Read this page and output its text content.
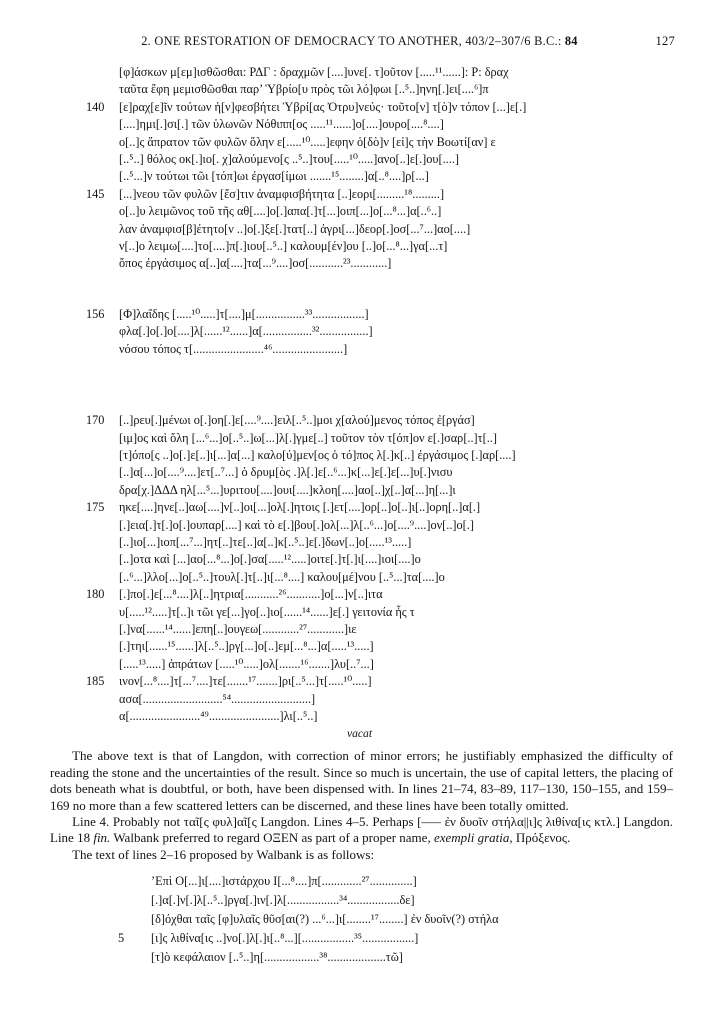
2. ONE RESTORATION OF DEMOCRACY TO ANOTHER, 403/2–307/6 B.C.: 84	127
[φ]άσκων μ[εμ]ισθῶσθαι: ΡΔΓ : δραχμῶν [....]υνε[. τ]οῦτον [.....¹¹......]: Ρ: δραχ
ταῦτα ἔφη μεμισθῶσθαι παρ’ Ὑβρίο[υ πρὸς τῶι λό]φωι [..⁵..]ηνη[.]ει[....⁶]π
140	[ε]ραχ[ε]ῖν τούτων ἠ[ν]φεσβήτει Ὑβρί[ας Ὀτρυ]νεύς· τοῦτο[ν] τ[ὸ]ν τόπον [...]ε[.]
[....]ημι[.]σι[.] τῶν ὑλωνῶν Νόθιππ[ος .....¹¹......]ο[....]ουρο[....⁸....]
ο[..]ς ἄπρατον τῶν φυλῶν ὅλην ε[.....¹⁰.....]εφην ὁ[δὸ]ν [εἰ]ς τὴν Βοωτί[αν] ε
[..⁵..] θόλος οκ[.]ιο[. χ]αλούμενο[ς ..⁵..]του[.....¹⁰.....]ανο[..]ε[.]ου[....]
[..⁵...]ν τούτωι τῶι [τόπ]ωι ἐργασ[ίμωι .......¹⁵........]α[..⁸....]ρ[...]
145	[...]νεου τῶν φυλῶν [ἔσ]τιν ἀναμφισβήτητα [..]εορι[.........¹⁸.........]
ο[..]υ λειμῶνος τοῦ τῆς αθ[....]ο[.]απα[.]τ[...]οιπ[...]ο[...⁸...]α[..⁶..]
λαν ἀναμφισ[β]έτητο[ν ..]ο[.]ξε[.]τατ[..] ἀγρι[...]δεορ[.]οσ[...⁷...]αο[....]
ν[..]ο λειμω[....]το[....]π[.]ιου[..⁵..] καλουμ[έν]ου [..]ο[...⁸...]γα[...τ]
ὅπος ἐργάσιμος α[..]α[....]τα[...⁹....]οσ[...........²³............]
156	[Φ]λαΐδης [.....¹⁰.....]τ[....]μ[................³³.................]
φλα[.]ο[.]ο[....]λ[......¹²......]α[................³²................]
νόσου τόπος τ[.......................⁴⁶.......................]
170	[..]ρευ[.]μένωι ο[.]οη[.]ε[....⁹....]ειλ[..⁵..]μοι χ[αλού]μενος τόπος ἐ[ργάσ]
[ιμ]ος καὶ ὅλη [...⁶...]ο[..⁵..]ω[...]λ[.]γμε[..] τοῦτον τὸν τ[όπ]ον ε[.]σαρ[..]τ[..]
[τ]όπο[ς ..]ο[.]ε[..]ι[...]α[...] καλο[ύ]μεν[ος ὁ τό]πος λ[.]κ[..] ἐργάσιμος [.]αρ[....]
[..]α[...]ο[....⁹....]ετ[..⁷...] ὁ δρυμ[ὸς .]λ[.]ε[..⁶...]κ[...]ε[.]ε[...]υ[.]νισυ
δρα[χ.]ΔΔΔ ηλ[...⁵...]υριτου[....]ουι[....]κλοη[....]αο[..]χ[..]α[...]η[...]ι
175	ηκε[....]ηνε[..]αω[....]ν[..]οι[...]ολ[.]ητοις [.]ετ[....]ορ[..]ο[..]ι[..]ορη[..]α[.]
[.]εια[.]τ[.]ο[.]ουπαρ[....] καὶ τὸ ε[.]βου[.]ολ[...]λ[..⁶...]ο[....⁹....]ον[..]ο[.]
[..]ιο[...]ιοπ[...⁷...]ητ[..]τε[..]α[..]κ[..⁵..]ε[.]δων[..]ο[.....¹³.....]
[..]οτα καὶ [...]αο[...⁸...]ο[.]σα[.....¹².....]οιτε[.]τ[.]ι[....]ιοι[....]ο
[..⁶...]λλο[...]ο[..⁵..]τουλ[.]τ[..]ι[...⁸....] καλου[μέ]νου [..⁵...]τα[....]ο
180	[.]πο[.]ε[...⁸....]λ[..]ητρια[...........²⁶...........]ο[...]ν[..]ιτα
υ[.....¹².....]τ[..]ι τῶι γε[...]γο[..]ιο[......¹⁴......]ε[.] γειτονία ἧς τ
[.]να[......¹⁴......]επη[..]ουγεω[............²⁷............]ιε
[.]τηι[......¹⁵......]λ[..⁵..]ργ[...]ο[..]εμ[...⁸...]α[.....¹³.....]
[.....¹³.....] ἀπράτων [.....¹⁰.....]ολ[.......¹⁶.......]λυ[..⁷...]
185	ινον[...⁸....]τ[...⁷....]τε[.......¹⁷.......]ρι[..⁵...]τ[.....¹⁰.....]
ασα[..........................⁵⁴..........................]
α[.......................⁴⁹.......................]λι[..⁵..]
vacat

The above text is that of Langdon, with correction of minor errors; he justifiably emphasized the difficulty of reading the stone and the uncertainties of the result. Since so much is uncertain, the use of capital letters, the placing of dots beneath what is doubtful, or both, have been dispensed with. In lines 21–74, 83–89, 117–130, 150–155, and 159–169 no more than a few scattered letters can be discerned, and these lines have been totally omitted.

Line 4. Probably not ταῖ[ς φυλ]αῖ[ς Langdon. Lines 4–5. Perhaps [––– ἐν δυοῖν στήλα||ι]ς λιθίνα[ις κτλ.] Langdon. Line 18 fin. Walbank preferred to regard ΟΞΕΝ as part of a proper name, exempli gratia, Πρόξενος.

The text of lines 2–16 proposed by Walbank is as follows:

’Επὶ Ο[...]ι[....]ιστάρχου Ι[...⁸....]π[.............²⁷..............]
[.]α[.]ν[.]λ[..⁵..]ργα[.]ιν[.]λ[.................³⁴.................δε]
[δ]όχθαι ταῖς [φ]υλαῖς θῦσ[αι(?) ...⁶...]ι[........¹⁷........] ἐν δυοῖν(?) στήλα
5	[ι]ς λιθίνα[ις ..]νο[.]λ[.]ι[..⁸...][.................³⁵.................]
[τ]ὸ κεφάλαιον [..⁵..]η[..................³⁸...................τῶ]
